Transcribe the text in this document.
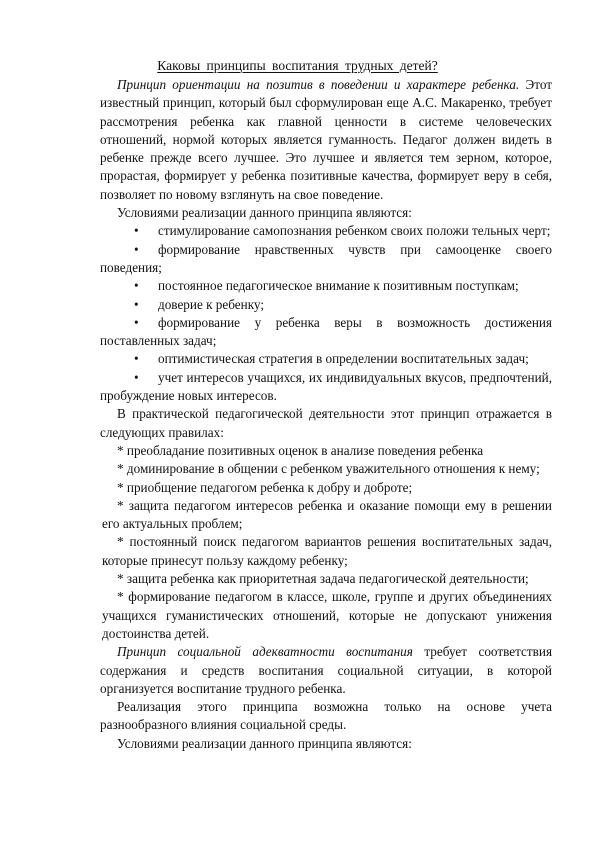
Каковы принципы воспитания трудных детей?

Принцип ориентации на позитив в поведении и характере ребенка. Этот известный принцип, который был сформулирован еще А.С. Макаренко, требует рассмотрения ребенка как главной ценности в системе человеческих отношений, нормой которых является гуманность. Педагог должен видеть в ребенке прежде всего лучшее. Это лучшее и является тем зерном, которое, прорастая, формирует у ребенка позитивные качества, формирует веру в себя, позволяет по новому взглянуть на свое поведение.

Условиями реализации данного принципа являются:

• стимулирование самопознания ребенком своих положи тельных черт;

• формирование нравственных чувств при самооценке своего поведения;

• постоянное педагогическое внимание к позитивным поступкам;

• доверие к ребенку;

• формирование у ребенка веры в возможность достижения поставленных задач;

• оптимистическая стратегия в определении воспитательных задач;

• учет интересов учащихся, их индивидуальных вкусов, предпочтений, пробуждение новых интересов.

В практической педагогической деятельности этот принцип отражается в следующих правилах:

* преобладание позитивных оценок в анализе поведения ребенка

* доминирование в общении с ребенком уважительного отношения к нему;

* приобщение педагогом ребенка к добру и доброте;

* защита педагогом интересов ребенка и оказание помощи ему в решении его актуальных проблем;

* постоянный поиск педагогом вариантов решения воспитательных задач, которые принесут пользу каждому ребенку;

* защита ребенка как приоритетная задача педагогической деятельности;

* формирование педагогом в классе, школе, группе и других объединениях учащихся гуманистических отношений, которые не допускают унижения достоинства детей.

Принцип социальной адекватности воспитания требует соответствия содержания и средств воспитания социальной ситуации, в которой организуется воспитание трудного ребенка.

Реализация этого принципа возможна только на основе учета разнообразного влияния социальной среды.

Условиями реализации данного принципа являются:
